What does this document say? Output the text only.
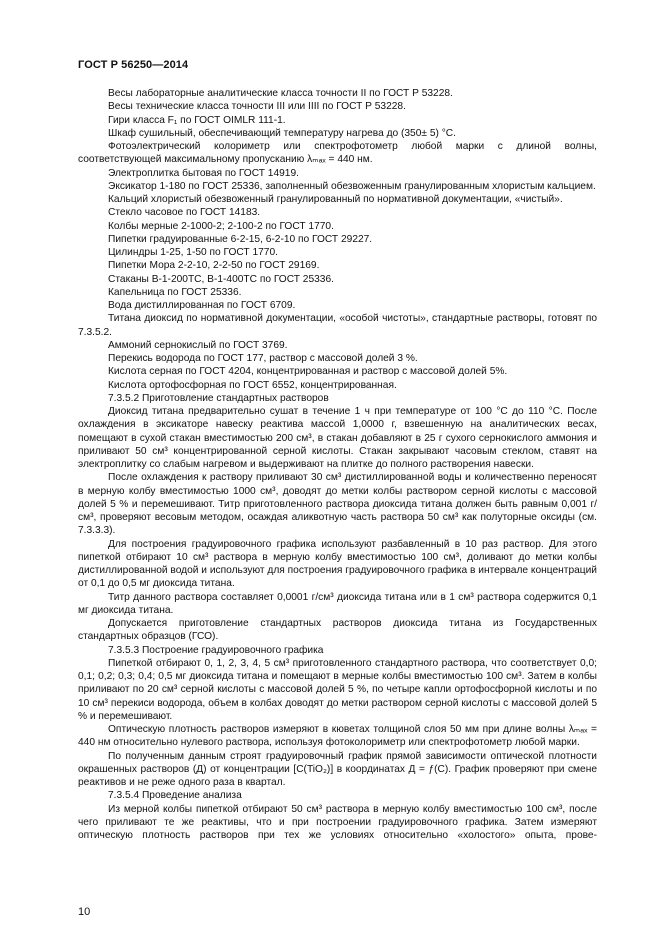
ГОСТ Р 56250—2014

Весы лабораторные аналитические класса точности II по ГОСТ Р 53228.

Весы технические класса точности III или IIII по ГОСТ Р 53228.

Гири класса F₁ по ГОСТ OIMLR 111-1.

Шкаф сушильный, обеспечивающий температуру нагрева до (350± 5) °С.

Фотоэлектрический колориметр или спектрофотометр любой марки с длиной волны, соответствующей максимальному пропусканию λₘₐₓ = 440 нм.

Электроплитка бытовая по ГОСТ 14919.

Эксикатор 1-180 по ГОСТ 25336, заполненный обезвоженным гранулированным хлористым кальцием.

Кальций хлористый обезвоженный гранулированный по нормативной документации, «чистый».

Стекло часовое по ГОСТ 14183.

Колбы мерные 2-1000-2; 2-100-2 по ГОСТ 1770.

Пипетки градуированные 6-2-15, 6-2-10 по ГОСТ 29227.

Цилиндры 1-25, 1-50 по ГОСТ 1770.

Пипетки Мора 2-2-10, 2-2-50 по ГОСТ 29169.

Стаканы В-1-200ТС, В-1-400ТС по ГОСТ 25336.

Капельница по ГОСТ 25336.

Вода дистиллированная по ГОСТ 6709.

Титана диоксид по нормативной документации, «особой чистоты», стандартные растворы, готовят по 7.3.5.2.

Аммоний сернокислый по ГОСТ 3769.

Перекись водорода по ГОСТ 177, раствор с массовой долей 3 %.

Кислота серная по ГОСТ 4204, концентрированная и раствор с массовой долей 5%.

Кислота ортофосфорная по ГОСТ 6552, концентрированная.

7.3.5.2 Приготовление стандартных растворов

Диоксид титана предварительно сушат в течение 1 ч при температуре от 100 °С до 110 °С. После охлаждения в эксикаторе навеску реактива массой 1,0000 г, взвешенную на аналитических весах, помещают в сухой стакан вместимостью 200 см³, в стакан добавляют в 25 г сухого сернокислого аммония и приливают 50 см³ концентрированной серной кислоты. Стакан закрывают часовым стеклом, ставят на электроплитку со слабым нагревом и выдерживают на плитке до полного растворения навески.

После охлаждения к раствору приливают 30 см³ дистиллированной воды и количественно переносят в мерную колбу вместимостью 1000 см³, доводят до метки колбы раствором серной кислоты с массовой долей 5 % и перемешивают. Титр приготовленного раствора диоксида титана должен быть равным 0,001 г/см³, проверяют весовым методом, осаждая аликвотную часть раствора 50 см³ как полуторные оксиды (см. 7.3.3.3).

Для построения градуировочного графика используют разбавленный в 10 раз раствор. Для этого пипеткой отбирают 10 см³ раствора в мерную колбу вместимостью 100 см³, доливают до метки колбы дистиллированной водой и используют для построения градуировочного графика в интервале концентраций от 0,1 до 0,5 мг диоксида титана.

Титр данного раствора составляет 0,0001 г/см³ диоксида титана или в 1 см³ раствора содержится 0,1 мг диоксида титана.

Допускается приготовление стандартных растворов диоксида титана из Государственных стандартных образцов (ГСО).

7.3.5.3 Построение градуировочного графика

Пипеткой отбирают 0, 1, 2, 3, 4, 5 см³ приготовленного стандартного раствора, что соответствует 0,0; 0,1; 0,2; 0,3; 0,4; 0,5 мг диоксида титана и помещают в мерные колбы вместимостью 100 см³. Затем в колбы приливают по 20 см³ серной кислоты с массовой долей 5 %, по четыре капли ортофосфорной кислоты и по 10 см³ перекиси водорода, объем в колбах доводят до метки раствором серной кислоты с массовой долей 5 % и перемешивают.

Оптическую плотность растворов измеряют в кюветах толщиной слоя 50 мм при длине волны λₘₐₓ = 440 нм относительно нулевого раствора, используя фотоколориметр или спектрофотометр любой марки.

По полученным данным строят градуировочный график прямой зависимости оптической плотности окрашенных растворов (Д) от концентрации [С(TiO₂)] в координатах Д = ƒ(С). График проверяют при смене реактивов и не реже одного раза в квартал.

7.3.5.4 Проведение анализа

Из мерной колбы пипеткой отбирают 50 см³ раствора в мерную колбу вместимостью 100 см³, после чего приливают те же реактивы, что и при построении градуировочного графика. Затем измеряют оптическую плотность растворов при тех же условиях относительно «холостого» опыта, прове-

10
